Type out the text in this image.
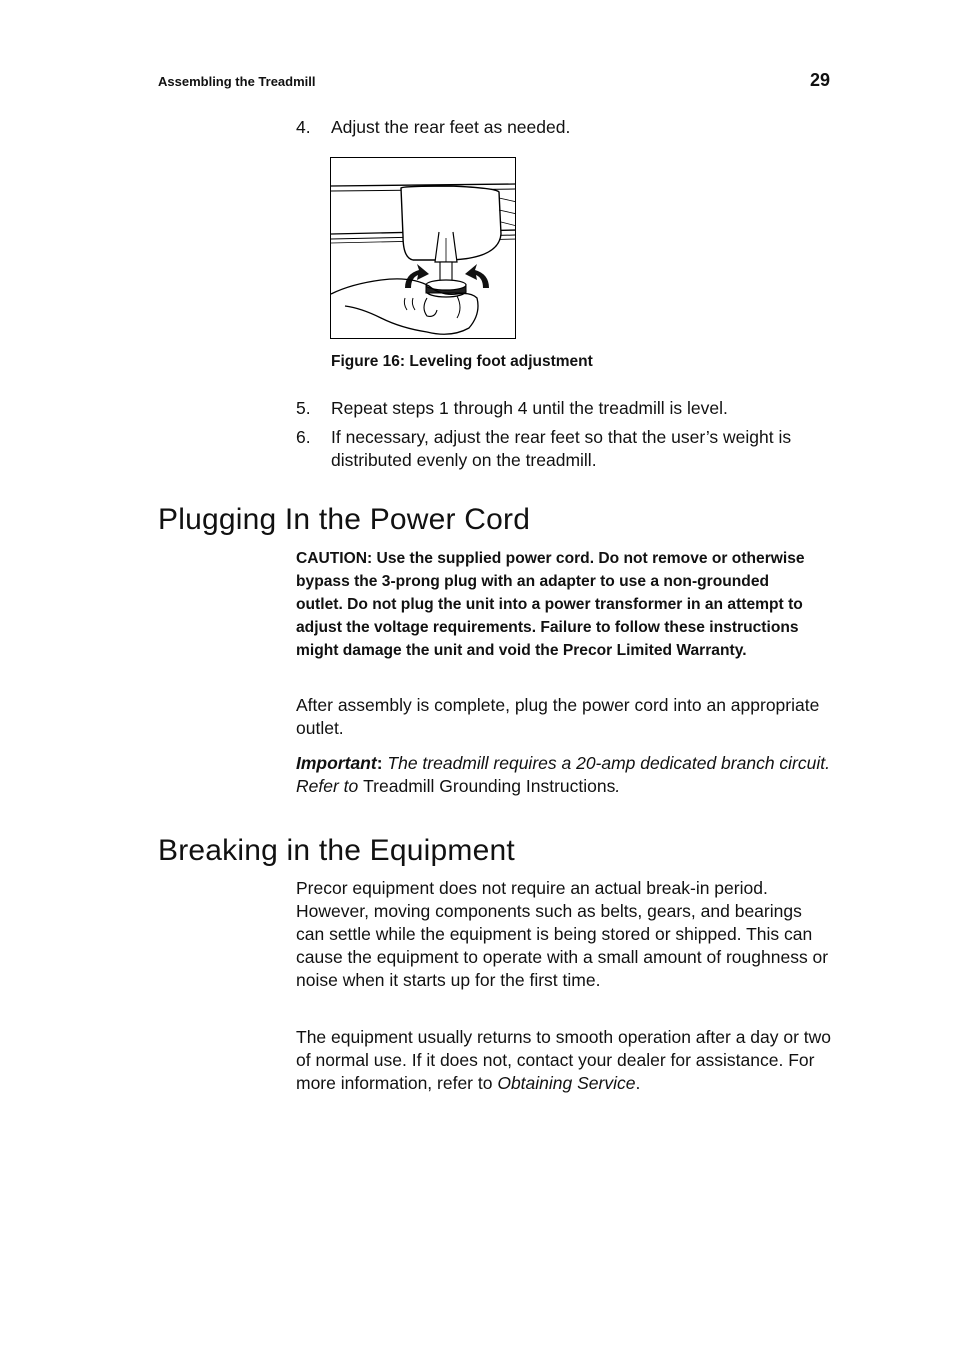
Assembling the Treadmill	29
4. Adjust the rear feet as needed.
Figure 16: Leveling foot adjustment
5. Repeat steps 1 through 4 until the treadmill is level.
6. If necessary, adjust the rear feet so that the user’s weight is distributed evenly on the treadmill.
Plugging In the Power Cord
CAUTION: Use the supplied power cord. Do not remove or otherwise bypass the 3-prong plug with an adapter to use a non-grounded outlet. Do not plug the unit into a power transformer in an attempt to adjust the voltage requirements. Failure to follow these instructions might damage the unit and void the Precor Limited Warranty.
After assembly is complete, plug the power cord into an appropriate outlet.
Important: The treadmill requires a 20-amp dedicated branch circuit. Refer to Treadmill Grounding Instructions.
Breaking in the Equipment
Precor equipment does not require an actual break-in period. However, moving components such as belts, gears, and bearings can settle while the equipment is being stored or shipped. This can cause the equipment to operate with a small amount of roughness or noise when it starts up for the first time.
The equipment usually returns to smooth operation after a day or two of normal use. If it does not, contact your dealer for assistance. For more information, refer to Obtaining Service.
